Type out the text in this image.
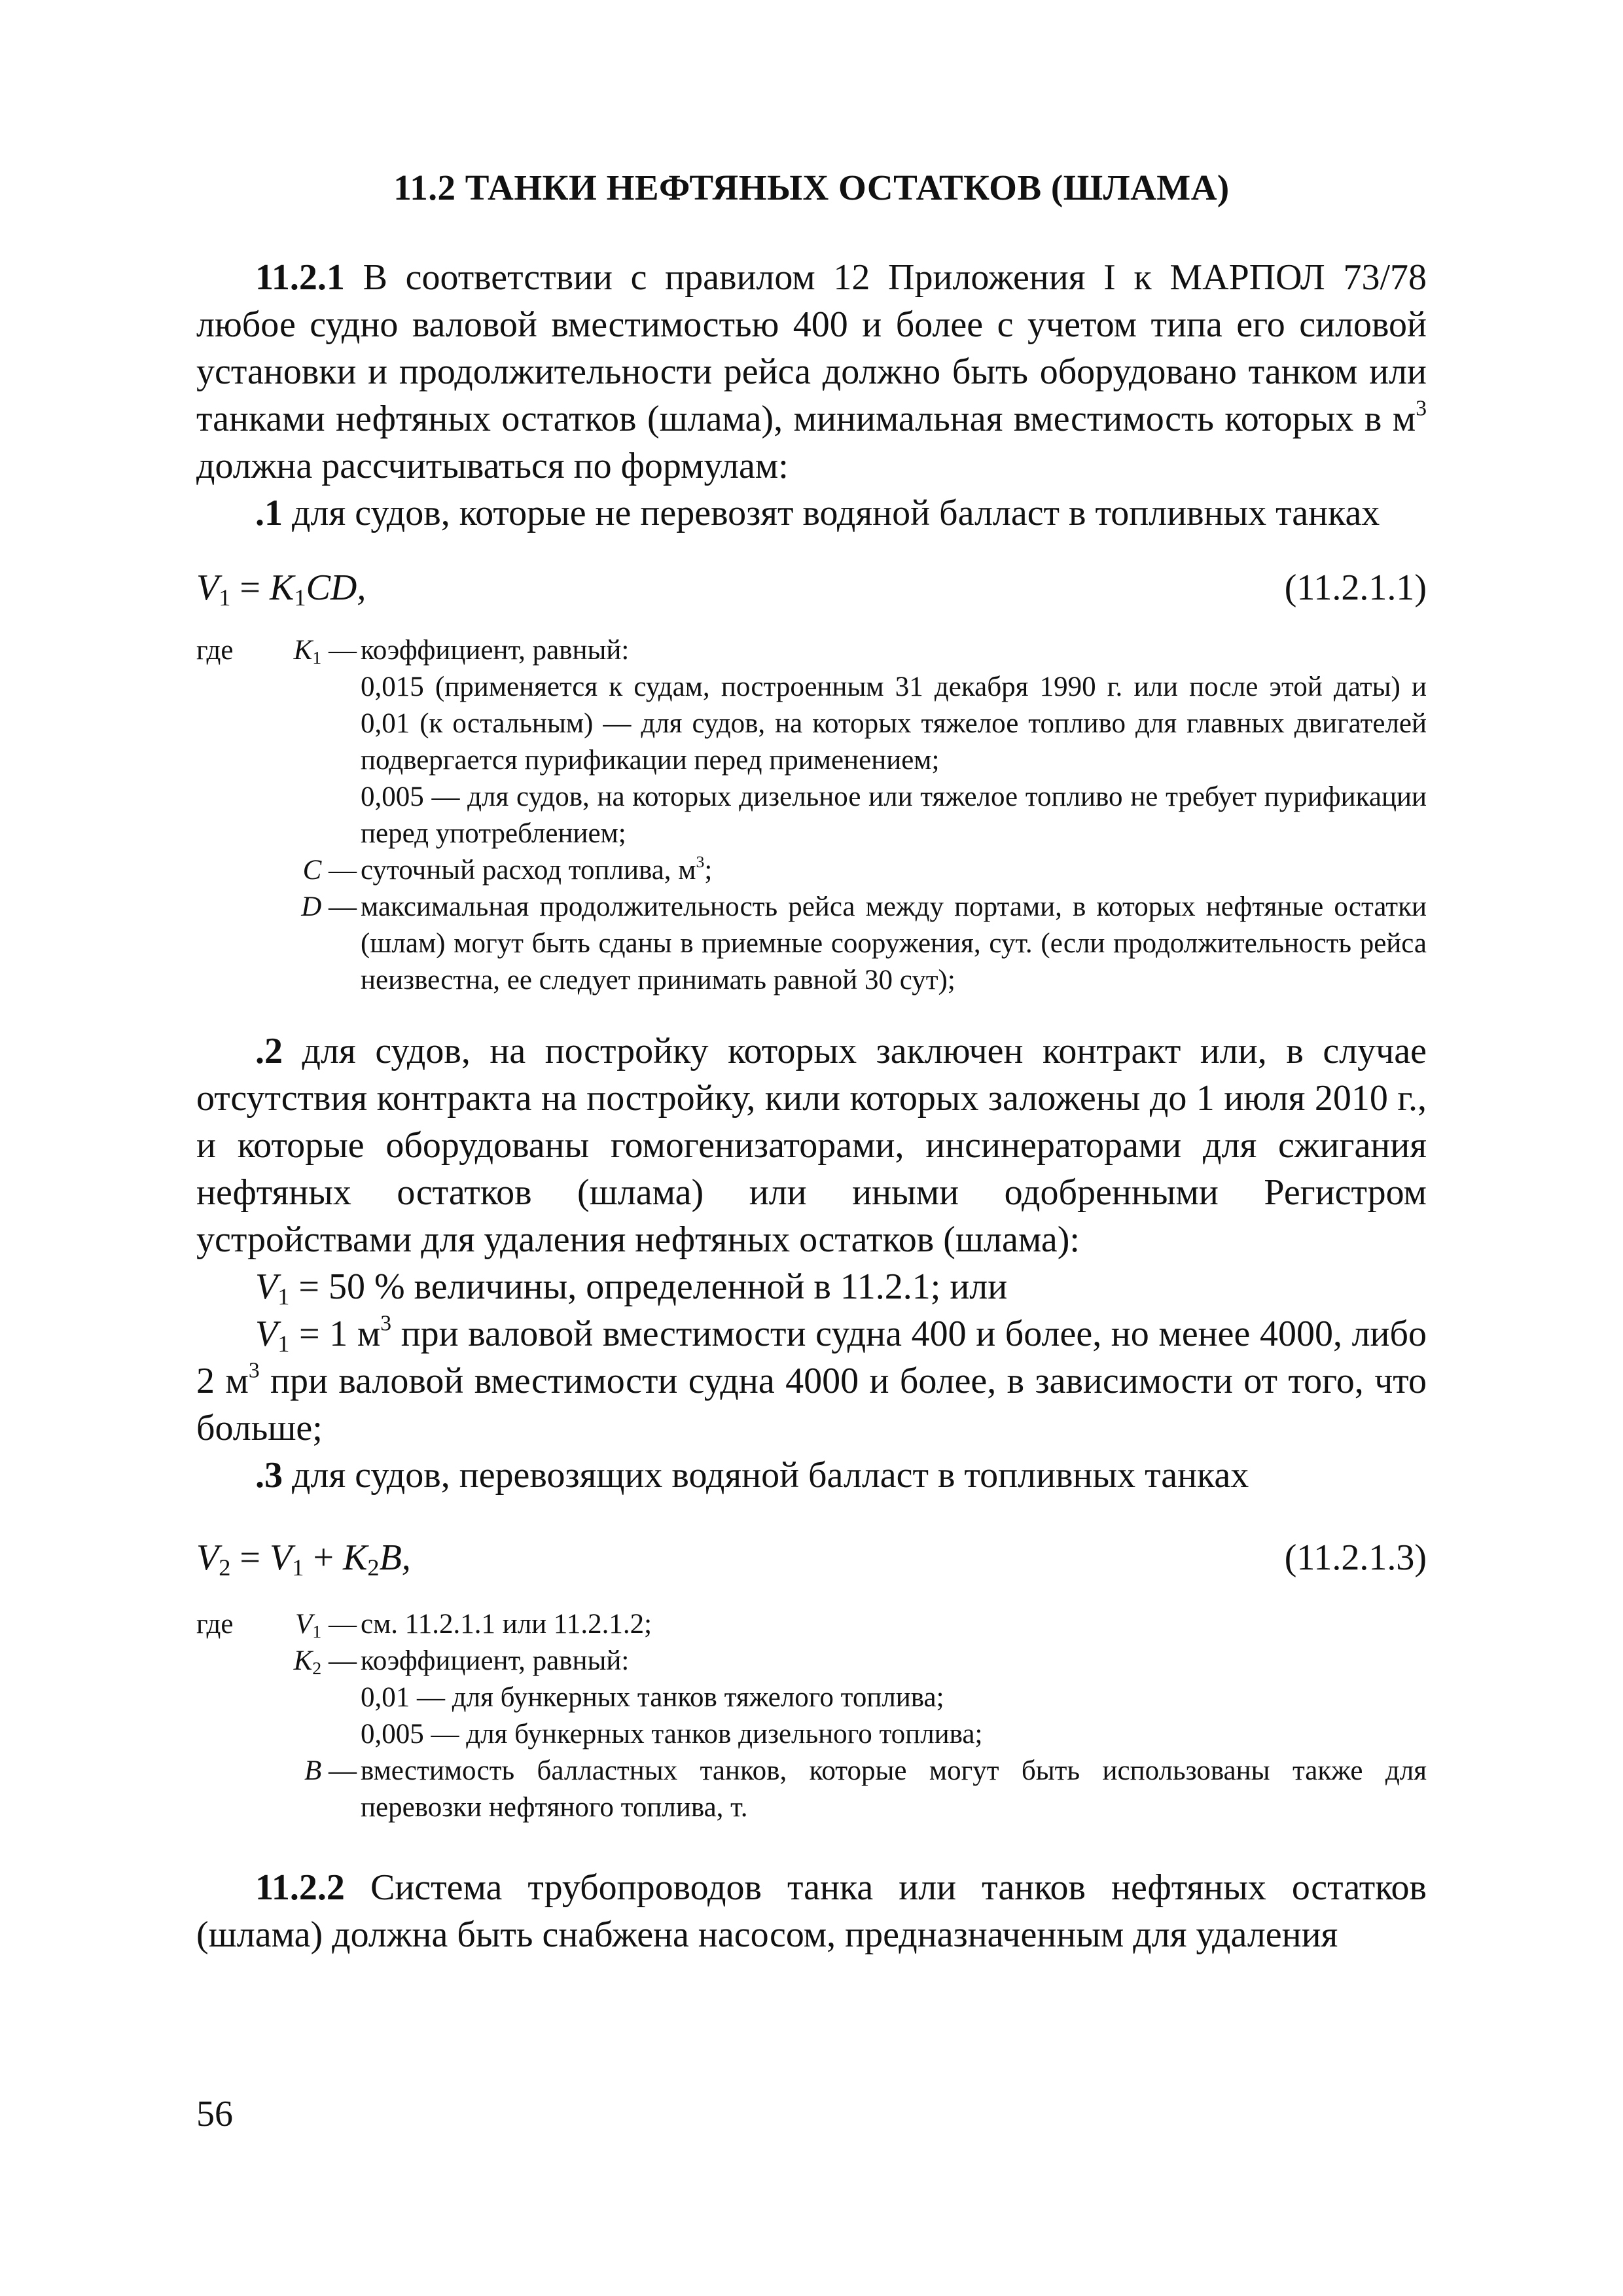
11.2 ТАНКИ НЕФТЯНЫХ ОСТАТКОВ (ШЛАМА)

11.2.1 В соответствии с правилом 12 Приложения I к МАРПОЛ 73/78 любое судно валовой вместимостью 400 и более с учетом типа его силовой установки и продолжительности рейса должно быть оборудовано танком или танками нефтяных остатков (шлама), минимальная вместимость которых в $м^3$ должна рассчитываться по формулам:

.1 для судов, которые не перевозят водяной балласт в топливных танках

$V_1 = K_1CD$,	(11.2.1.1)
где	$K_1$ —	коэффициент, равный:
0,015 (применяется к судам, построенным 31 декабря 1990 г. или после этой даты) и 0,01 (к остальным) — для судов, на которых тяжелое топливо для главных двигателей подвергается пурификации перед применением;
0,005 — для судов, на которых дизельное или тяжелое топливо не требует пурификации перед употреблением;

	C —	суточный расход топлива, $м^3$;
	D —	максимальная продолжительность рейса между портами, в которых нефтяные остатки (шлам) могут быть сданы в приемные сооружения, сут. (если продолжительность рейса неизвестна, ее следует принимать равной 30 сут);

.2 для судов, на постройку которых заключен контракт или, в случае отсутствия контракта на постройку, кили которых заложены до 1 июля 2010 г., и которые оборудованы гомогенизаторами, инсинераторами для сжигания нефтяных остатков (шлама) или иными одобренными Регистром устройствами для удаления нефтяных остатков (шлама):

$V_1 = 50$ % величины, определенной в 11.2.1; или

$V_1 = 1$ $м^3$ при валовой вместимости судна 400 и более, но менее 4000, либо 2 $м^3$ при валовой вместимости судна 4000 и более, в зависимости от того, что больше;

.3 для судов, перевозящих водяной балласт в топливных танках

$V_2 = V_1 + K_2B$,	(11.2.1.3)
где	$V_1$ —	см. 11.2.1.1 или 11.2.1.2;
	$K_2$ —	коэффициент, равный:
0,01 — для бункерных танков тяжелого топлива;
0,005 — для бункерных танков дизельного топлива;

	B —	вместимость балластных танков, которые могут быть использованы также для перевозки нефтяного топлива, т.

11.2.2 Система трубопроводов танка или танков нефтяных остатков (шлама) должна быть снабжена насосом, предназначенным для удаления

56
